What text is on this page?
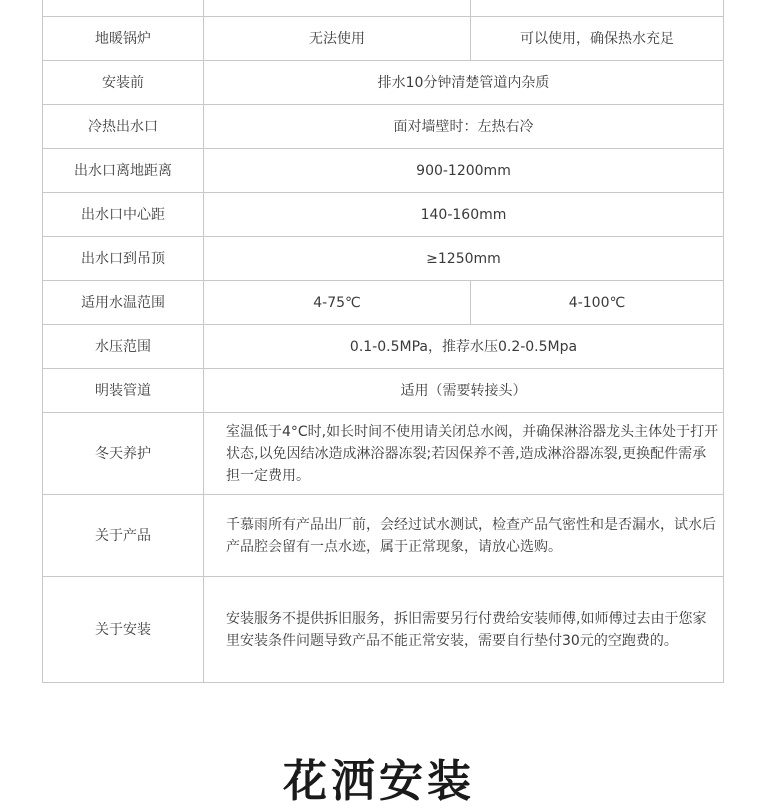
地暖锅炉	无法使用	可以使用，确保热水充足
安装前	排水10分钟清楚管道内杂质	
冷热出水口	面对墙壁时：左热右冷	
出水口离地距离	900-1200mm	
出水口中心距	140-160mm	
出水口到吊顶	≥1250mm	
适用水温范围	4-75℃	4-100℃
水压范围	0.1-0.5MPa，推荐水压0.2-0.5Mpa	
明装管道	适用（需要转接头）	
冬天养护	室温低于4°C时,如长时间不使用请关闭总水阀，并确保淋浴器龙头主体处于打开状态,以免因结冰造成淋浴器冻裂;若因保养不善,造成淋浴器冻裂,更换配件需承担一定费用。	
关于产品	千慕雨所有产品出厂前，会经过试水测试，检查产品气密性和是否漏水，试水后产品腔会留有一点水迹，属于正常现象，请放心选购。	
关于安装	安装服务不提供拆旧服务，拆旧需要另行付费给安装师傅,如师傅过去由于您家里安装条件问题导致产品不能正常安装，需要自行垫付30元的空跑费的。	
花洒安装
